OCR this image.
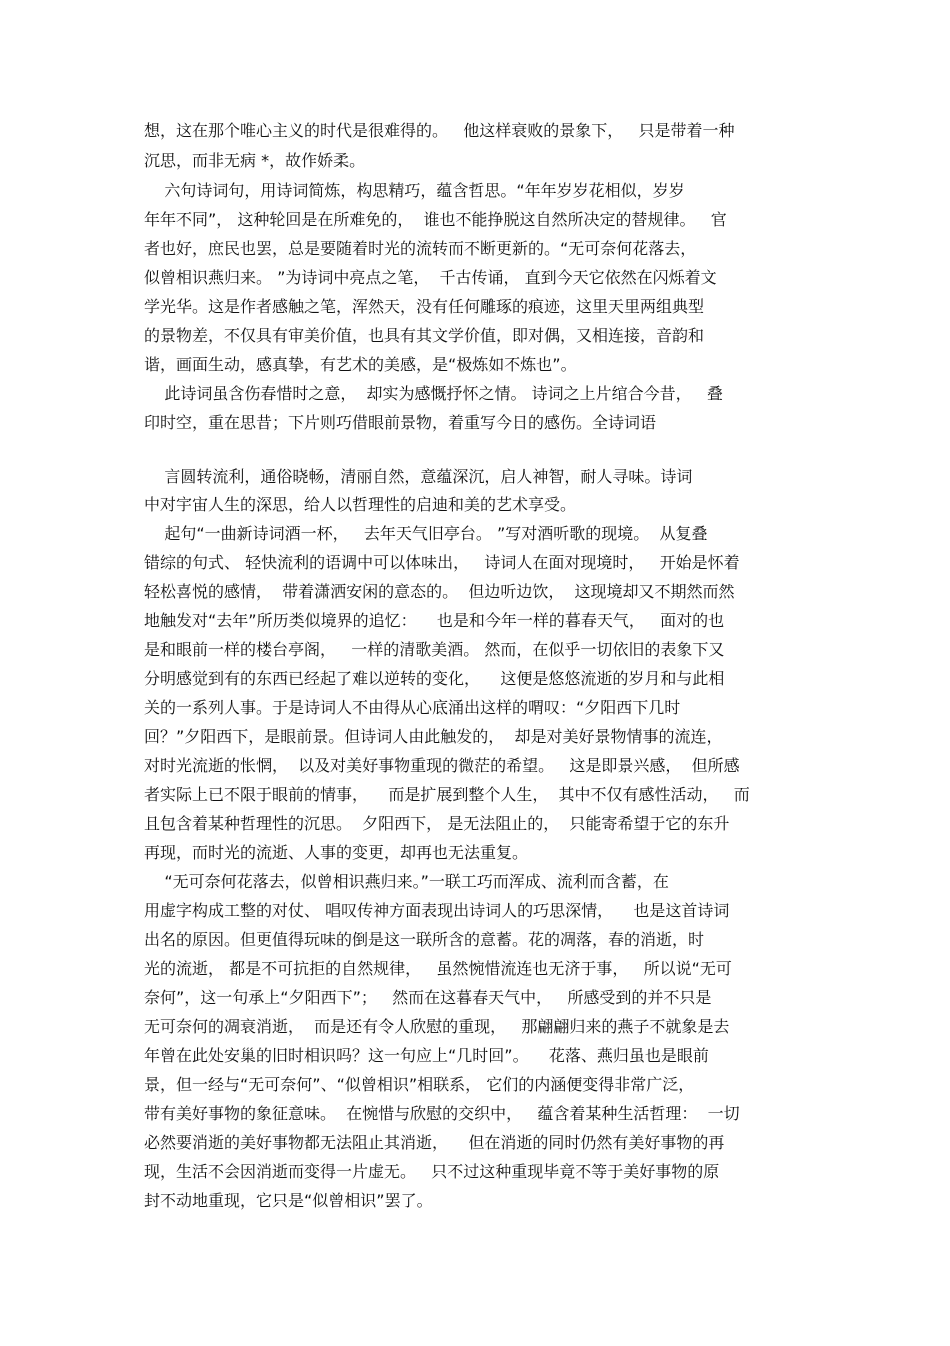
想，这在那个唯心主义的时代是很难得的。   他这样衰败的景象下，   只是带着一种

沉思，而非无病 *，故作娇柔。

六句诗词句，用诗词简炼，构思精巧，蕴含哲思。“年年岁岁花相似，岁岁

年年不同”， 这种轮回是在所难免的，  谁也不能挣脱这自然所决定的替规律。   官

者也好，庶民也罢，总是要随着时光的流转而不断更新的。“无可奈何花落去，

似曾相识燕归来。 ”为诗词中亮点之笔，  千古传诵， 直到今天它依然在闪烁着文

学光华。这是作者感触之笔，浑然天，没有任何雕琢的痕迹，这里天里两组典型

的景物差，不仅具有审美价值，也具有其文学价值，即对偶，又相连接，音韵和

谐，画面生动，感真挚，有艺术的美感，是“极炼如不炼也”。

此诗词虽含伤春惜时之意，  却实为感慨抒怀之情。 诗词之上片绾合今昔，   叠

印时空，重在思昔；下片则巧借眼前景物，着重写今日的感伤。全诗词语

言圆转流利，通俗晓畅，清丽自然，意蕴深沉，启人神智，耐人寻味。诗词

中对宇宙人生的深思，给人以哲理性的启迪和美的艺术享受。

起句“一曲新诗词酒一杯，   去年天气旧亭台。 ”写对酒听歌的现境。  从复叠

错综的句式、 轻快流利的语调中可以体味出，   诗词人在面对现境时，   开始是怀着

轻松喜悦的感情，  带着潇洒安闲的意态的。  但边听边饮，  这现境却又不期然而然

地触发对“去年”所历类似境界的追忆：    也是和今年一样的暮春天气，   面对的也

是和眼前一样的楼台亭阁，   一样的清歌美酒。 然而，在似乎一切依旧的表象下又

分明感觉到有的东西已经起了难以逆转的变化，    这便是悠悠流逝的岁月和与此相

关的一系列人事。于是诗词人不由得从心底涌出这样的喟叹：“夕阳西下几时

回？”夕阳西下，是眼前景。但诗词人由此触发的，  却是对美好景物情事的流连，

对时光流逝的怅惘，  以及对美好事物重现的微茫的希望。   这是即景兴感，  但所感

者实际上已不限于眼前的情事，    而是扩展到整个人生，  其中不仅有感性活动，   而

且包含着某种哲理性的沉思。  夕阳西下， 是无法阻止的，  只能寄希望于它的东升

再现，而时光的流逝、人事的变更，却再也无法重复。

“无可奈何花落去，似曾相识燕归来。”一联工巧而浑成、流利而含蓄，在

用虚字构成工整的对仗、 唱叹传神方面表现出诗词人的巧思深情，    也是这首诗词

出名的原因。但更值得玩味的倒是这一联所含的意蓄。花的凋落，春的消逝，时

光的流逝， 都是不可抗拒的自然规律，   虽然惋惜流连也无济于事，   所以说“无可

奈何”，这一句承上“夕阳西下”；   然而在这暮春天气中，   所感受到的并不只是

无可奈何的凋衰消逝，  而是还有令人欣慰的重现，   那翩翩归来的燕子不就象是去

年曾在此处安巢的旧时相识吗？这一句应上“几时回”。    花落、燕归虽也是眼前

景，但一经与“无可奈何”、“似曾相识”相联系， 它们的内涵便变得非常广泛，

带有美好事物的象征意味。  在惋惜与欣慰的交织中，   蕴含着某种生活哲理：  一切

必然要消逝的美好事物都无法阻止其消逝，    但在消逝的同时仍然有美好事物的再

现，生活不会因消逝而变得一片虚无。   只不过这种重现毕竟不等于美好事物的原

封不动地重现，它只是“似曾相识”罢了。
